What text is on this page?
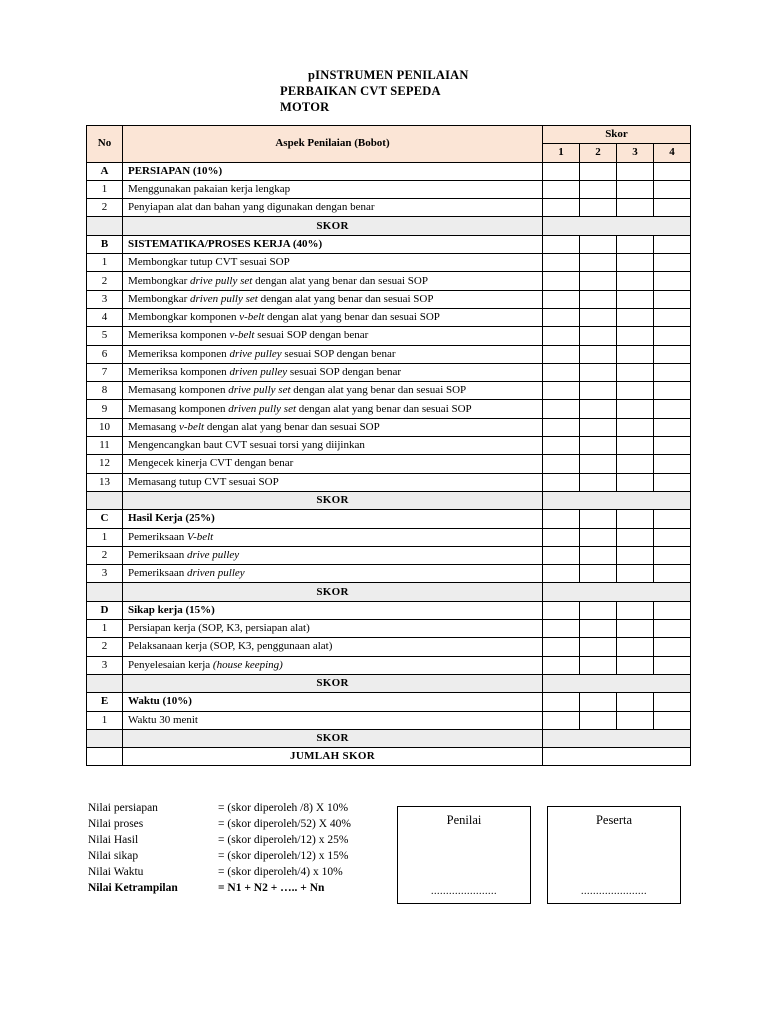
pINSTRUMEN PENILAIAN
PERBAIKAN CVT SEPEDA
MOTOR
No	Aspek Penilaian (Bobot)	Skor			
		1	2	3	4
A	PERSIAPAN (10%)				
1	Menggunakan pakaian kerja lengkap				
2	Penyiapan alat dan bahan yang digunakan dengan benar				
	SKOR				
B	SISTEMATIKA/PROSES KERJA (40%)				
1	Membongkar tutup CVT sesuai SOP				
2	Membongkar drive pully set dengan alat yang benar dan sesuai SOP				
3	Membongkar driven pully set dengan alat yang benar dan sesuai SOP				
4	Membongkar komponen v-belt dengan alat yang benar dan sesuai SOP				
5	Memeriksa komponen v-belt sesuai SOP dengan benar				
6	Memeriksa komponen drive pulley sesuai SOP dengan benar				
7	Memeriksa komponen driven pulley sesuai SOP dengan benar				
8	Memasang komponen drive pully set dengan alat yang benar dan sesuai SOP				
9	Memasang komponen driven pully set dengan alat yang benar dan sesuai SOP				
10	Memasang v-belt dengan alat yang benar dan sesuai SOP				
11	Mengencangkan baut CVT sesuai torsi yang diijinkan				
12	Mengecek kinerja CVT dengan benar				
13	Memasang tutup CVT sesuai SOP				
	SKOR				
C	Hasil Kerja (25%)				
1	Pemeriksaan V-belt				
2	Pemeriksaan drive pulley				
3	Pemeriksaan driven pulley				
	SKOR				
D	Sikap kerja (15%)				
1	Persiapan kerja (SOP, K3, persiapan alat)				
2	Pelaksanaan kerja (SOP, K3, penggunaan alat)				
3	Penyelesaian kerja (house keeping)				
	SKOR				
E	Waktu (10%)				
1	Waktu 30 menit				
	SKOR				
	JUMLAH SKOR				
Nilai persiapan	= (skor diperoleh /8) X 10%
Nilai proses	= (skor diperoleh/52) X 40%
Nilai Hasil	= (skor diperoleh/12) x 25%
Nilai sikap	= (skor diperoleh/12) x 15%
Nilai Waktu	= (skor diperoleh/4) x 10%
Nilai Ketrampilan	= N1 + N2 + ….. + Nn
Penilai
......................
Peserta
......................
